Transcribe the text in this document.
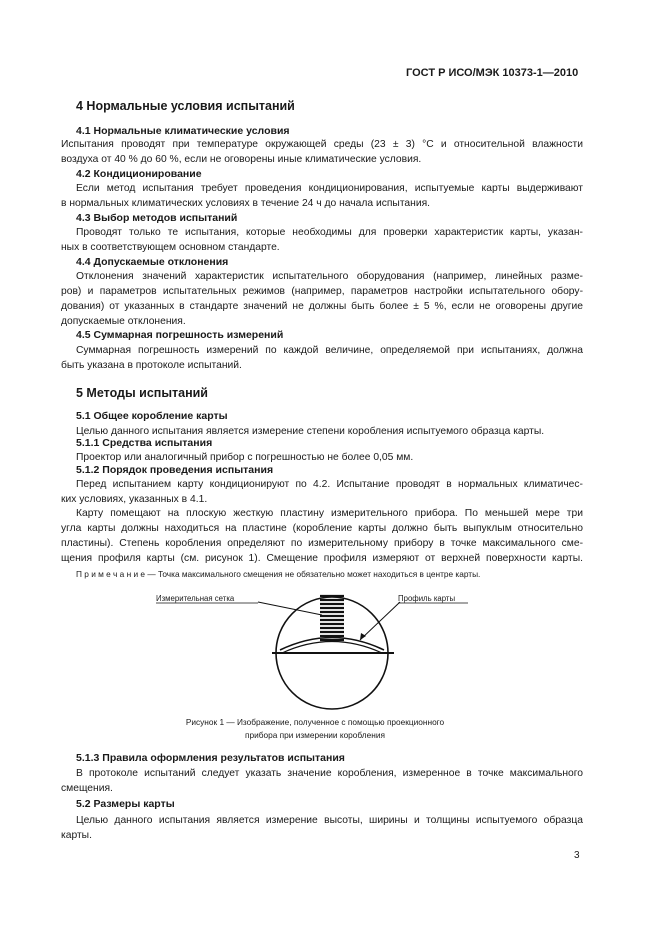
ГОСТ Р ИСО/МЭК 10373-1—2010
4 Нормальные условия испытаний
4.1 Нормальные климатические условия
Испытания проводят при температуре окружающей среды (23 ± 3) °С и относительной влажности
воздуха от 40 % до 60 %, если не оговорены иные климатические условия.
4.2 Кондиционирование
Если метод испытания требует проведения кондиционирования, испытуемые карты выдерживают
в нормальных климатических условиях в течение 24 ч до начала испытания.
4.3 Выбор методов испытаний
Проводят только те испытания, которые необходимы для проверки характеристик карты, указан-
ных в соответствующем основном стандарте.
4.4 Допускаемые отклонения
Отклонения значений характеристик испытательного оборудования (например, линейных разме-
ров) и параметров испытательных режимов (например, параметров настройки испытательного обору-
дования) от указанных в стандарте значений не должны быть более ± 5 %, если не оговорены другие
допускаемые отклонения.
4.5 Суммарная погрешность измерений
Суммарная погрешность измерений по каждой величине, определяемой при испытаниях, должна
быть указана в протоколе испытаний.
5 Методы испытаний
5.1 Общее коробление карты
Целью данного испытания является измерение степени коробления испытуемого образца карты.
5.1.1 Средства испытания
Проектор или аналогичный прибор с погрешностью не более 0,05 мм.
5.1.2 Порядок проведения испытания
Перед испытанием карту кондиционируют по 4.2. Испытание проводят в нормальных климатичес-
ких условиях, указанных в 4.1.
Карту помещают на плоскую жесткую пластину измерительного прибора. По меньшей мере три
угла карты должны находиться на пластине (коробление карты должно быть выпуклым относительно
пластины). Степень коробления определяют по измерительному прибору в точке максимального сме-
щения профиля карты (см. рисунок 1). Смещение профиля измеряют от верхней поверхности карты.
П р и м е ч а н и е — Точка максимального смещения не обязательно может находиться в центре карты.
Измерительная сетка	Профиль карты
Рисунок 1 — Изображение, полученное с помощью проекционного
прибора при измерении коробления
5.1.3 Правила оформления результатов испытания
В протоколе испытаний следует указать значение коробления, измеренное в точке максимального
смещения.
5.2 Размеры карты
Целью данного испытания является измерение высоты, ширины и толщины испытуемого образца
карты.
3
